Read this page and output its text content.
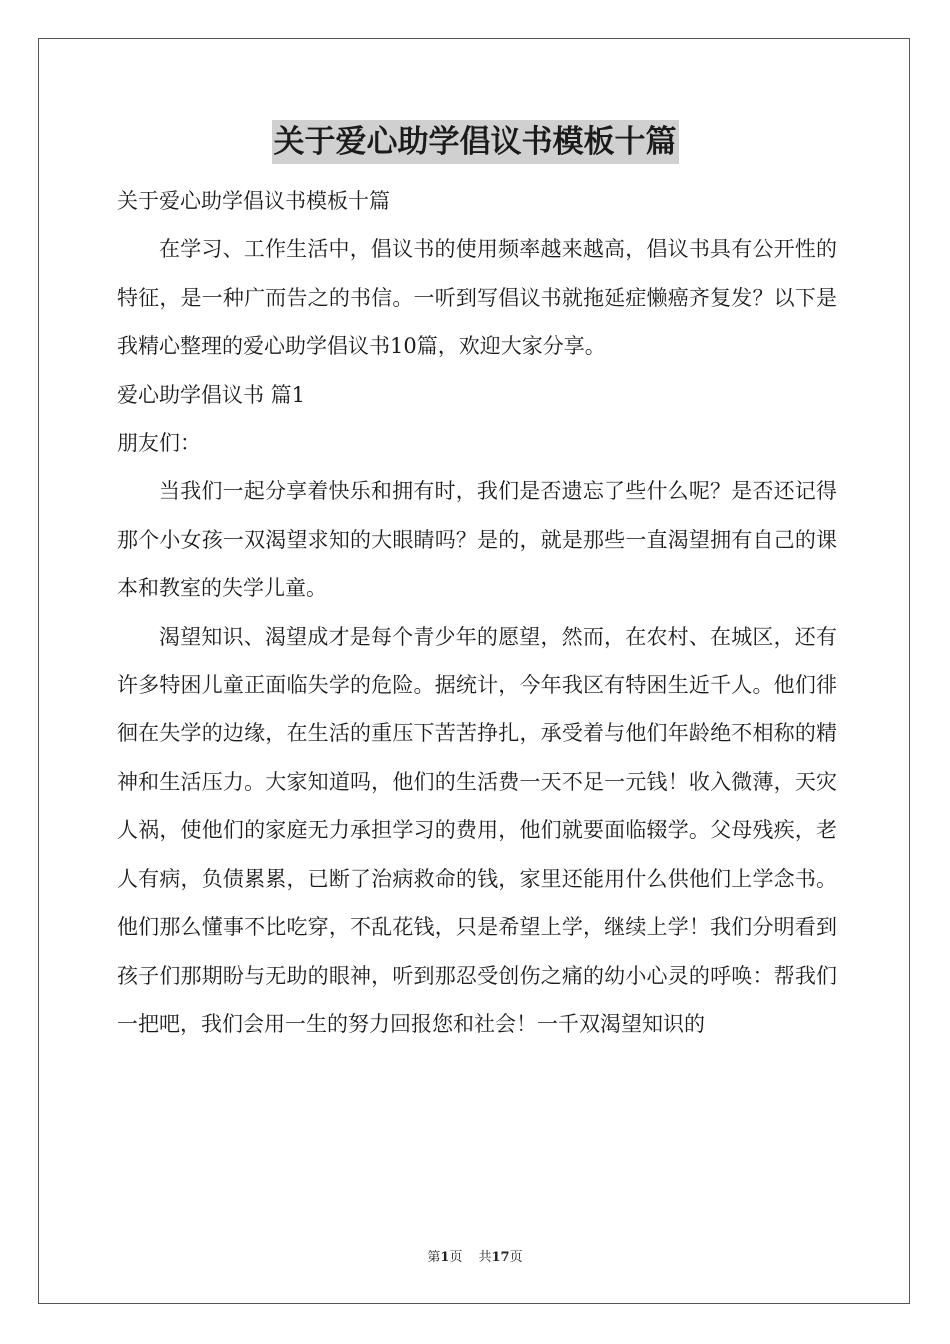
关于爱心助学倡议书模板十篇

关于爱心助学倡议书模板十篇

在学习、工作生活中，倡议书的使用频率越来越高，倡议书具有公开性的特征，是一种广而告之的书信。一听到写倡议书就拖延症懒癌齐复发？以下是我精心整理的爱心助学倡议书10篇，欢迎大家分享。

爱心助学倡议书 篇1

朋友们：

当我们一起分享着快乐和拥有时，我们是否遗忘了些什么呢？是否还记得那个小女孩一双渴望求知的大眼睛吗？是的，就是那些一直渴望拥有自己的课本和教室的失学儿童。

渴望知识、渴望成才是每个青少年的愿望，然而，在农村、在城区，还有许多特困儿童正面临失学的危险。据统计，今年我区有特困生近千人。他们徘徊在失学的边缘，在生活的重压下苦苦挣扎，承受着与他们年龄绝不相称的精神和生活压力。大家知道吗，他们的生活费一天不足一元钱！收入微薄，天灾人祸，使他们的家庭无力承担学习的费用，他们就要面临辍学。父母残疾，老人有病，负债累累，已断了治病救命的钱，家里还能用什么供他们上学念书。他们那么懂事不比吃穿，不乱花钱，只是希望上学，继续上学！我们分明看到孩子们那期盼与无助的眼神，听到那忍受创伤之痛的幼小心灵的呼唤：帮我们一把吧，我们会用一生的努力回报您和社会！一千双渴望知识的

第1页 共17页
